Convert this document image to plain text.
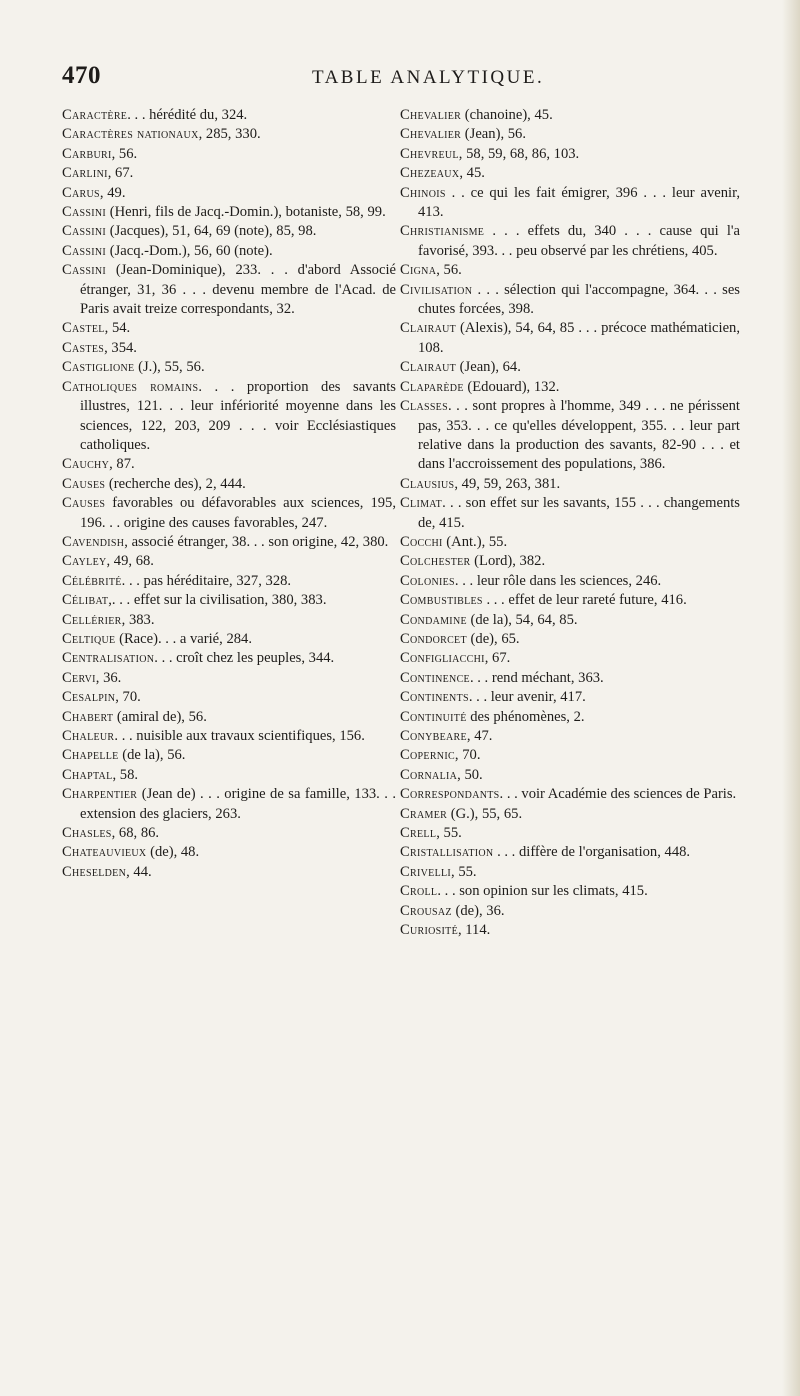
470	TABLE ANALYTIQUE.
Caractère. . . hérédité du, 324.
Caractères nationaux, 285, 330.
Carburi, 56.
Carlini, 67.
Carus, 49.
Cassini (Henri, fils de Jacq.-Domin.), botaniste, 58, 99.
Cassini (Jacques), 51, 64, 69 (note), 85, 98.
Cassini (Jacq.-Dom.), 56, 60 (note).
Cassini (Jean-Dominique), 233. . . d'abord Associé étranger, 31, 36 . . . devenu membre de l'Acad. de Paris avait treize correspondants, 32.
Castel, 54.
Castes, 354.
Castiglione (J.), 55, 56.
Catholiques romains. . . proportion des savants illustres, 121. . . leur infériorité moyenne dans les sciences, 122, 203, 209 . . . voir Ecclésiastiques catholiques.
Cauchy, 87.
Causes (recherche des), 2, 444.
Causes favorables ou défavorables aux sciences, 195, 196. . . origine des causes favorables, 247.
Cavendish, associé étranger, 38. . . son origine, 42, 380.
Cayley, 49, 68.
Célébrité. . . pas héréditaire, 327, 328.
Célibat,. . . effet sur la civilisation, 380, 383.
Cellérier, 383.
Celtique (Race). . . a varié, 284.
Centralisation. . . croît chez les peuples, 344.
Cervi, 36.
Cesalpin, 70.
Chabert (amiral de), 56.
Chaleur. . . nuisible aux travaux scientifiques, 156.
Chapelle (de la), 56.
Chaptal, 58.
Charpentier (Jean de) . . . origine de sa famille, 133. . . extension des glaciers, 263.
Chasles, 68, 86.
Chateauvieux (de), 48.
Cheselden, 44.
Chevalier (chanoine), 45.
Chevalier (Jean), 56.
Chevreul, 58, 59, 68, 86, 103.
Chezeaux, 45.
Chinois . . ce qui les fait émigrer, 396 . . . leur avenir, 413.
Christianisme . . . effets du, 340 . . . cause qui l'a favorisé, 393. . . peu observé par les chrétiens, 405.
Cigna, 56.
Civilisation . . . sélection qui l'accompagne, 364. . . ses chutes forcées, 398.
Clairaut (Alexis), 54, 64, 85 . . . précoce mathématicien, 108.
Clairaut (Jean), 64.
Claparède (Edouard), 132.
Classes. . . sont propres à l'homme, 349 . . . ne périssent pas, 353. . . ce qu'elles développent, 355. . . leur part relative dans la production des savants, 82-90 . . . et dans l'accroissement des populations, 386.
Clausius, 49, 59, 263, 381.
Climat. . . son effet sur les savants, 155 . . . changements de, 415.
Cocchi (Ant.), 55.
Colchester (Lord), 382.
Colonies. . . leur rôle dans les sciences, 246.
Combustibles . . . effet de leur rareté future, 416.
Condamine (de la), 54, 64, 85.
Condorcet (de), 65.
Configliacchi, 67.
Continence. . . rend méchant, 363.
Continents. . . leur avenir, 417.
Continuité des phénomènes, 2.
Conybeare, 47.
Copernic, 70.
Cornalia, 50.
Correspondants. . . voir Académie des sciences de Paris.
Cramer (G.), 55, 65.
Crell, 55.
Cristallisation . . . diffère de l'organisation, 448.
Crivelli, 55.
Croll. . . son opinion sur les climats, 415.
Crousaz (de), 36.
Curiosité, 114.
